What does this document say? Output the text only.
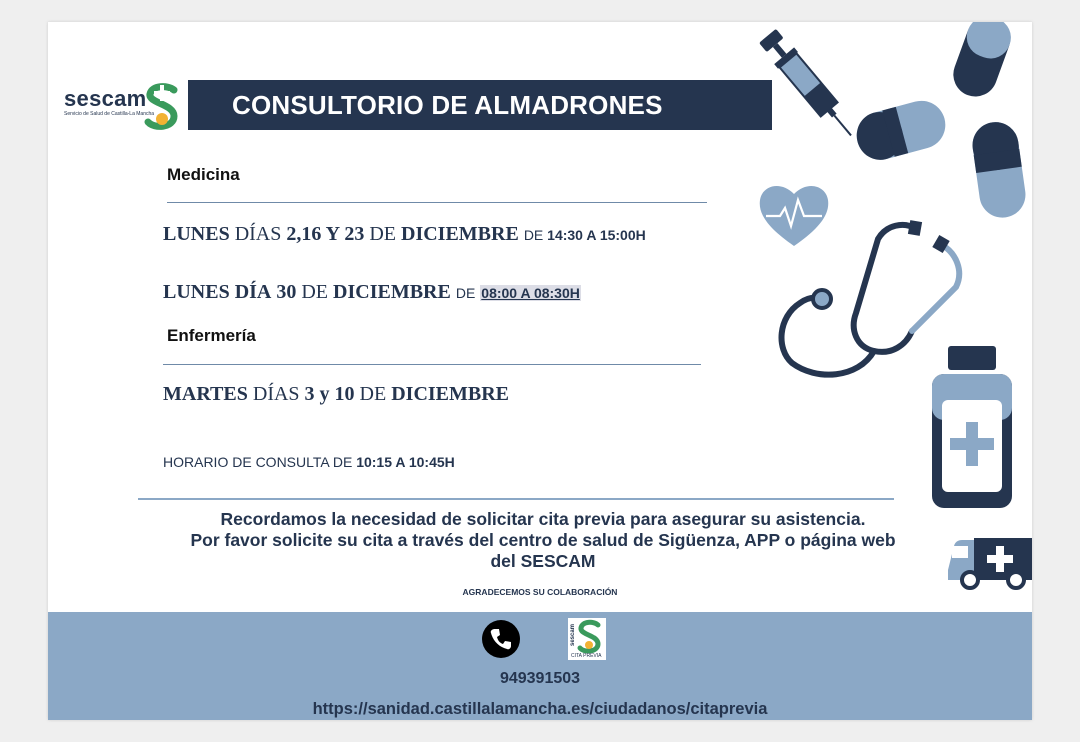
sescam
Servicio de Salud de Castilla-La Mancha	CONSULTORIO DE ALMADRONES
Medicina
LUNES DÍAS 2,16 Y 23 DE DICIEMBRE DE 14:30 A 15:00H
LUNES DÍA 30 DE DICIEMBRE DE 08:00 A 08:30H
Enfermería
MARTES DÍAS 3 y 10 DE DICIEMBRE
HORARIO DE CONSULTA DE 10:15 A 10:45H
Recordamos la necesidad de solicitar cita previa para asegurar su asistencia.
Por favor solicite su cita a través del centro de salud de Sigüenza, APP o página web
del SESCAM
AGRADECEMOS SU COLABORACIÓN
sescam
CITA PREVIA
949391503
https://sanidad.castillalamancha.es/ciudadanos/citaprevia
